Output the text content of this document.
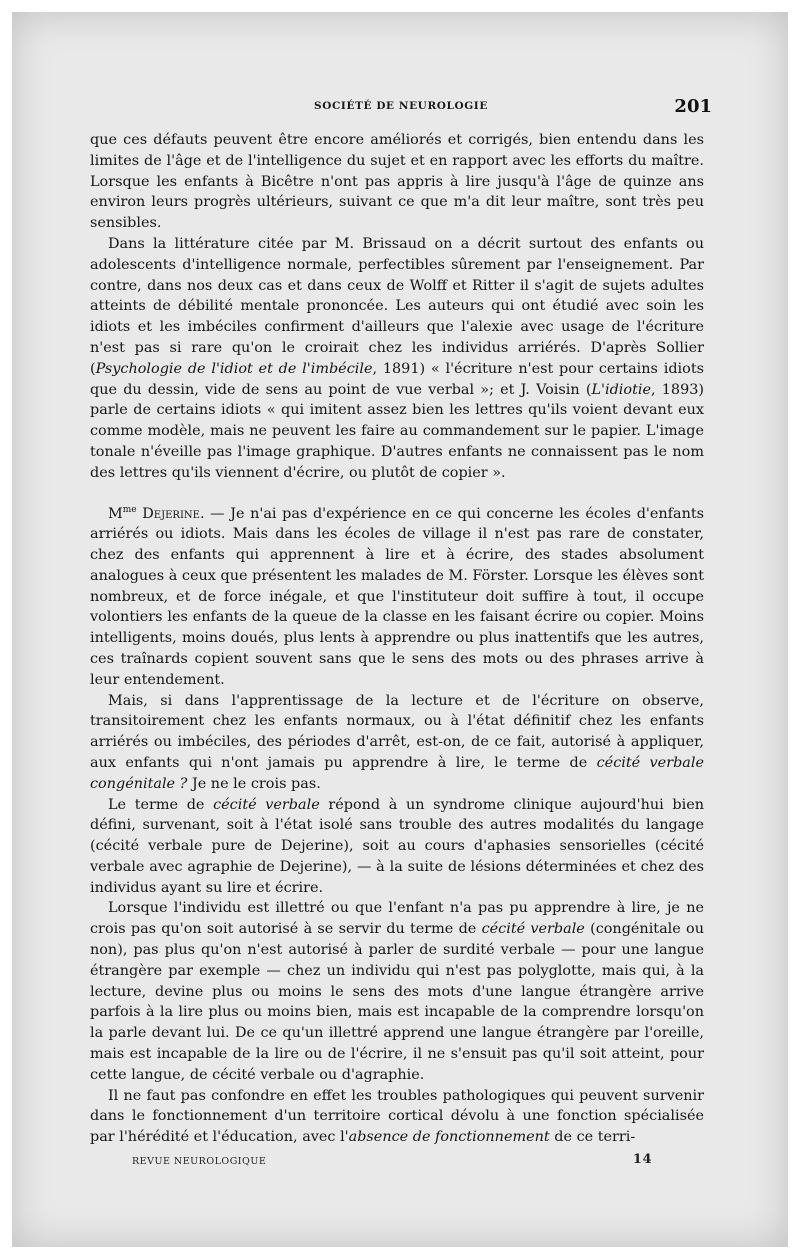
SOCIÉTÉ DE NEUROLOGIE	201

que ces défauts peuvent être encore améliorés et corrigés, bien entendu dans les limites de l'âge et de l'intelligence du sujet et en rapport avec les efforts du maître. Lorsque les enfants à Bicêtre n'ont pas appris à lire jusqu'à l'âge de quinze ans environ leurs progrès ultérieurs, suivant ce que m'a dit leur maître, sont très peu sensibles.

Dans la littérature citée par M. Brissaud on a décrit surtout des enfants ou adolescents d'intelligence normale, perfectibles sûrement par l'enseignement. Par contre, dans nos deux cas et dans ceux de Wolff et Ritter il s'agit de sujets adultes atteints de débilité mentale prononcée. Les auteurs qui ont étudié avec soin les idiots et les imbéciles confirment d'ailleurs que l'alexie avec usage de l'écriture n'est pas si rare qu'on le croirait chez les individus arriérés. D'après Sollier (Psychologie de l'idiot et de l'imbécile, 1891) « l'écriture n'est pour certains idiots que du dessin, vide de sens au point de vue verbal »; et J. Voisin (L'idiotie, 1893) parle de certains idiots « qui imitent assez bien les lettres qu'ils voient devant eux comme modèle, mais ne peuvent les faire au commandement sur le papier. L'image tonale n'éveille pas l'image graphique. D'autres enfants ne connaissent pas le nom des lettres qu'ils viennent d'écrire, ou plutôt de copier ».

$M^{me}$ Dejerine. — Je n'ai pas d'expérience en ce qui concerne les écoles d'enfants arriérés ou idiots. Mais dans les écoles de village il n'est pas rare de constater, chez des enfants qui apprennent à lire et à écrire, des stades absolument analogues à ceux que présentent les malades de M. Förster. Lorsque les élèves sont nombreux, et de force inégale, et que l'instituteur doit suffire à tout, il occupe volontiers les enfants de la queue de la classe en les faisant écrire ou copier. Moins intelligents, moins doués, plus lents à apprendre ou plus inattentifs que les autres, ces traînards copient souvent sans que le sens des mots ou des phrases arrive à leur entendement.

Mais, si dans l'apprentissage de la lecture et de l'écriture on observe, transitoirement chez les enfants normaux, ou à l'état définitif chez les enfants arriérés ou imbéciles, des périodes d'arrêt, est-on, de ce fait, autorisé à appliquer, aux enfants qui n'ont jamais pu apprendre à lire, le terme de cécité verbale congénitale ? Je ne le crois pas.

Le terme de cécité verbale répond à un syndrome clinique aujourd'hui bien défini, survenant, soit à l'état isolé sans trouble des autres modalités du langage (cécité verbale pure de Dejerine), soit au cours d'aphasies sensorielles (cécité verbale avec agraphie de Dejerine), — à la suite de lésions déterminées et chez des individus ayant su lire et écrire.

Lorsque l'individu est illettré ou que l'enfant n'a pas pu apprendre à lire, je ne crois pas qu'on soit autorisé à se servir du terme de cécité verbale (congénitale ou non), pas plus qu'on n'est autorisé à parler de surdité verbale — pour une langue étrangère par exemple — chez un individu qui n'est pas polyglotte, mais qui, à la lecture, devine plus ou moins le sens des mots d'une langue étrangère arrive parfois à la lire plus ou moins bien, mais est incapable de la comprendre lorsqu'on la parle devant lui. De ce qu'un illettré apprend une langue étrangère par l'oreille, mais est incapable de la lire ou de l'écrire, il ne s'ensuit pas qu'il soit atteint, pour cette langue, de cécité verbale ou d'agraphie.

Il ne faut pas confondre en effet les troubles pathologiques qui peuvent survenir dans le fonctionnement d'un territoire cortical dévolu à une fonction spécialisée par l'hérédité et l'éducation, avec l'absence de fonctionnement de ce terri-

REVUE NEUROLOGIQUE	14
